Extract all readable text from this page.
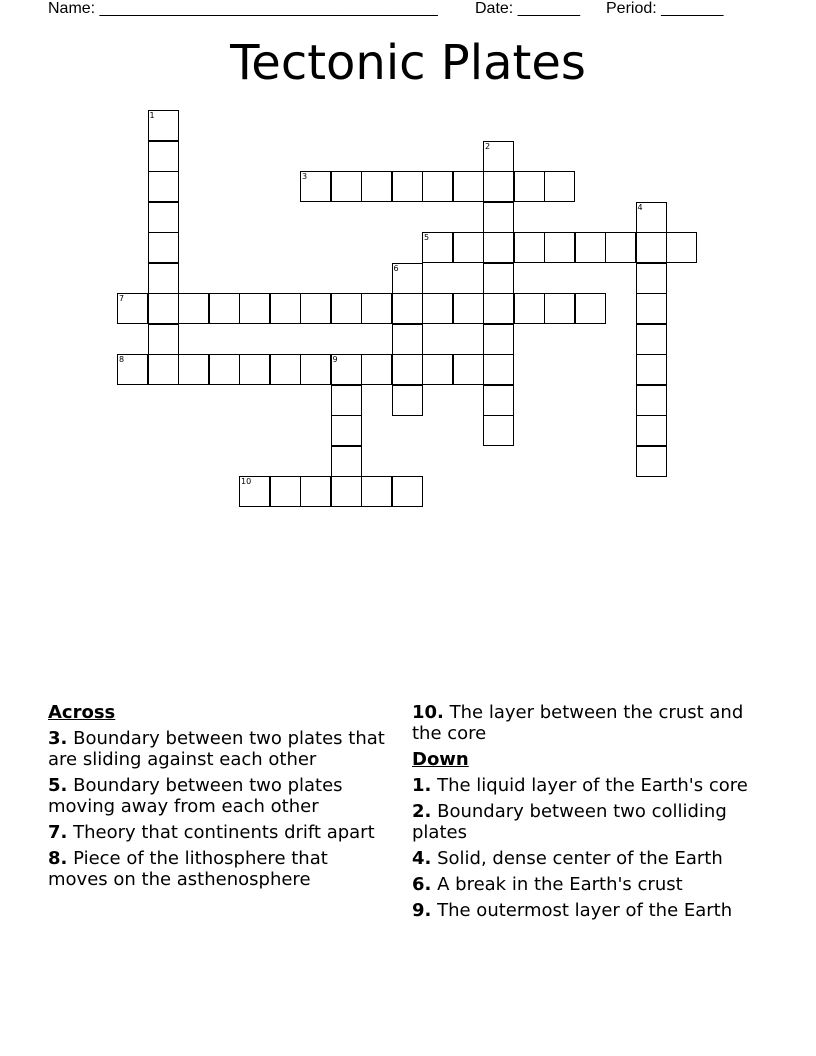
Name: ______________________________________ Date: _______ Period: _______
Tectonic Plates
3
5
7
8	9
10
1
2
4
6
Across
3. Boundary between two plates that are sliding against each other
5. Boundary between two plates moving away from each other
7. Theory that continents drift apart
8. Piece of the lithosphere that moves on the asthenosphere
10. The layer between the crust and the core
Down
1. The liquid layer of the Earth's core
2. Boundary between two colliding plates
4. Solid, dense center of the Earth
6. A break in the Earth's crust
9. The outermost layer of the Earth
